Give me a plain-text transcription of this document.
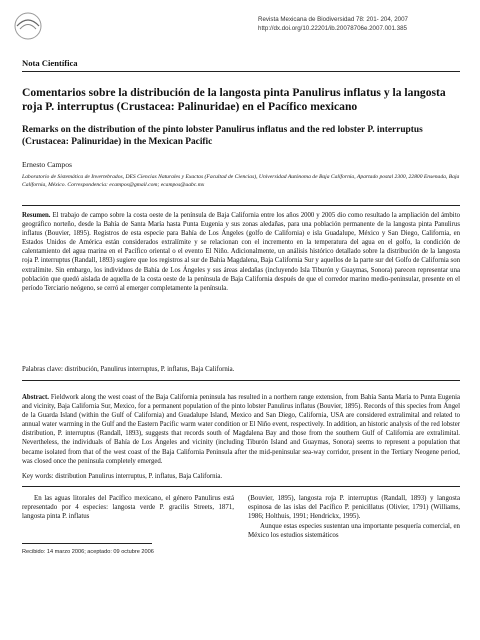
Revista Mexicana de Biodiversidad 78: 201- 204, 2007
http://dx.doi.org/10.22201/ib.20078706e.2007.001.385
Nota Científica
Comentarios sobre la distribución de la langosta pinta Panulirus inflatus y la langosta roja P. interruptus (Crustacea: Palinuridae) en el Pacífico mexicano
Remarks on the distribution of the pinto lobster Panulirus inflatus and the red lobster P. interruptus (Crustacea: Palinuridae) in the Mexican Pacific
Ernesto Campos
Laboratorio de Sistemática de Invertebrados, DES Ciencias Naturales y Exactas (Facultad de Ciencias), Universidad Autónoma de Baja California, Apartado postal 2300, 22800 Ensenada, Baja California, México. Correspondencia: ecampos@gmail.com; ecampos@uabc.mx
Resumen. El trabajo de campo sobre la costa oeste de la península de Baja California entre los años 2000 y 2005 dio como resultado la ampliación del ámbito geográfico norteño, desde la Bahía de Santa María hasta Punta Eugenia y sus zonas aledañas, para una población permanente de la langosta pinta Panulirus inflatus (Bouvier, 1895). Registros de esta especie para Bahía de Los Ángeles (golfo de California) e isla Guadalupe, México y San Diego, California, en Estados Unidos de América están considerados extralímite y se relacionan con el incremento en la temperatura del agua en el golfo, la condición de calentamiento del agua marina en el Pacífico oriental o el evento El Niño. Adicionalmente, un análisis histórico detallado sobre la distribución de la langosta roja P. interruptus (Randall, 1893) sugiere que los registros al sur de Bahía Magdalena, Baja California Sur y aquellos de la parte sur del Golfo de California son extralímite. Sin embargo, los individuos de Bahía de Los Ángeles y sus áreas aledañas (incluyendo Isla Tiburón y Guaymas, Sonora) parecen representar una población que quedó aislada de aquella de la costa oeste de la península de Baja California después de que el corredor marino medio-peninsular, presente en el período Terciario neógeno, se cerró al emerger completamente la península.
Palabras clave: distribución, Panulirus interruptus, P. inflatus, Baja California.
Abstract. Fieldwork along the west coast of the Baja California peninsula has resulted in a northern range extension, from Bahía Santa María to Punta Eugenia and vicinity, Baja California Sur, Mexico, for a permanent population of the pinto lobster Panulirus inflatus (Bouvier, 1895). Records of this species from Ángel de la Guarda Island (within the Gulf of California) and Guadalupe Island, Mexico and San Diego, California, USA are considered extralimital and related to annual water warming in the Gulf and the Eastern Pacific warm water condition or El Niño event, respectively. In addition, an historic analysis of the red lobster distribution, P. interruptus (Randall, 1893), suggests that records south of Magdalena Bay and those from the southern Gulf of California are extralimital. Nevertheless, the individuals of Bahía de Los Ángeles and vicinity (including Tiburón Island and Guaymas, Sonora) seems to represent a population that became isolated from that of the west coast of the Baja California Peninsula after the mid-peninsular sea-way corridor, present in the Tertiary Neogene period, was closed once the peninsula completely emerged.
Key words: distribution Panulirus interruptus, P. inflatus, Baja California.
En las aguas litorales del Pacífico mexicano, el género Panulirus está representado por 4 especies: langosta verde P. gracilis Streets, 1871, langosta pinta P. inflatus
(Bouvier, 1895), langosta roja P. interruptus (Randall, 1893) y langosta espinosa de las islas del Pacífico P. penicillatus (Olivier, 1791) (Williams, 1986; Holthuis, 1991; Hendrickx, 1995).
Aunque estas especies sustentan una importante pesquería comercial, en México los estudios sistemáticos
Recibido: 14 marzo 2006; aceptado: 09 octubre 2006
